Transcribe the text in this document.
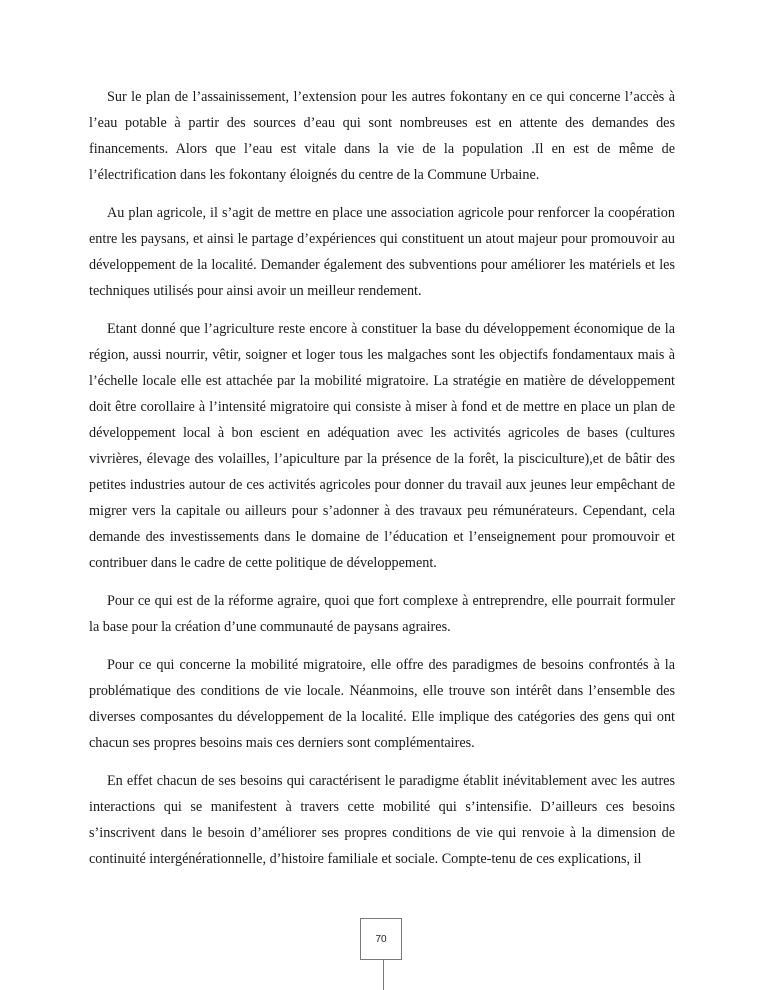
Sur le plan de l’assainissement, l’extension pour les autres fokontany en ce qui concerne l’accès à l’eau potable à partir des sources d’eau qui sont nombreuses est en attente des demandes des financements. Alors que l’eau est vitale dans la vie de la population .Il en est de même de l’électrification dans les fokontany éloignés du centre de la Commune Urbaine.

Au plan agricole, il s’agit de mettre en place une association agricole pour renforcer la coopération entre les paysans, et ainsi le partage d’expériences qui constituent un atout majeur pour promouvoir au développement de la localité. Demander également des subventions pour améliorer les matériels et les techniques utilisés pour ainsi avoir un meilleur rendement.

Etant donné que l’agriculture reste encore à constituer la base du développement économique de la région, aussi nourrir, vêtir, soigner et loger tous les malgaches sont les objectifs fondamentaux mais à l’échelle locale elle est attachée par la mobilité migratoire. La stratégie en matière de développement doit être corollaire à l’intensité migratoire qui consiste à miser à fond et de mettre en place un plan de développement local à bon escient en adéquation avec les activités agricoles de bases (cultures vivrières, élevage des volailles, l’apiculture par la présence de la forêt, la pisciculture),et de bâtir des petites industries autour de ces activités agricoles pour donner du travail aux jeunes leur empêchant de migrer vers la capitale ou ailleurs pour s’adonner à des travaux peu rémunérateurs. Cependant, cela demande des investissements dans le domaine de l’éducation et l’enseignement pour promouvoir et contribuer dans le cadre de cette politique de développement.

Pour ce qui est de la réforme agraire, quoi que fort complexe à entreprendre, elle pourrait formuler la base pour la création d’une communauté de paysans agraires.

Pour ce qui concerne la mobilité migratoire, elle offre des paradigmes de besoins confrontés à la problématique des conditions de vie locale. Néanmoins, elle trouve son intérêt dans l’ensemble des diverses composantes du développement de la localité. Elle implique des catégories des gens qui ont chacun ses propres besoins mais ces derniers sont complémentaires.

En effet chacun de ses besoins qui caractérisent le paradigme établit inévitablement avec les autres interactions qui se manifestent à travers cette mobilité qui s’intensifie. D’ailleurs ces besoins s’inscrivent dans le besoin d’améliorer ses propres conditions de vie qui renvoie à la dimension de continuité intergénérationnelle, d’histoire familiale et sociale. Compte-tenu de ces explications, il

70
